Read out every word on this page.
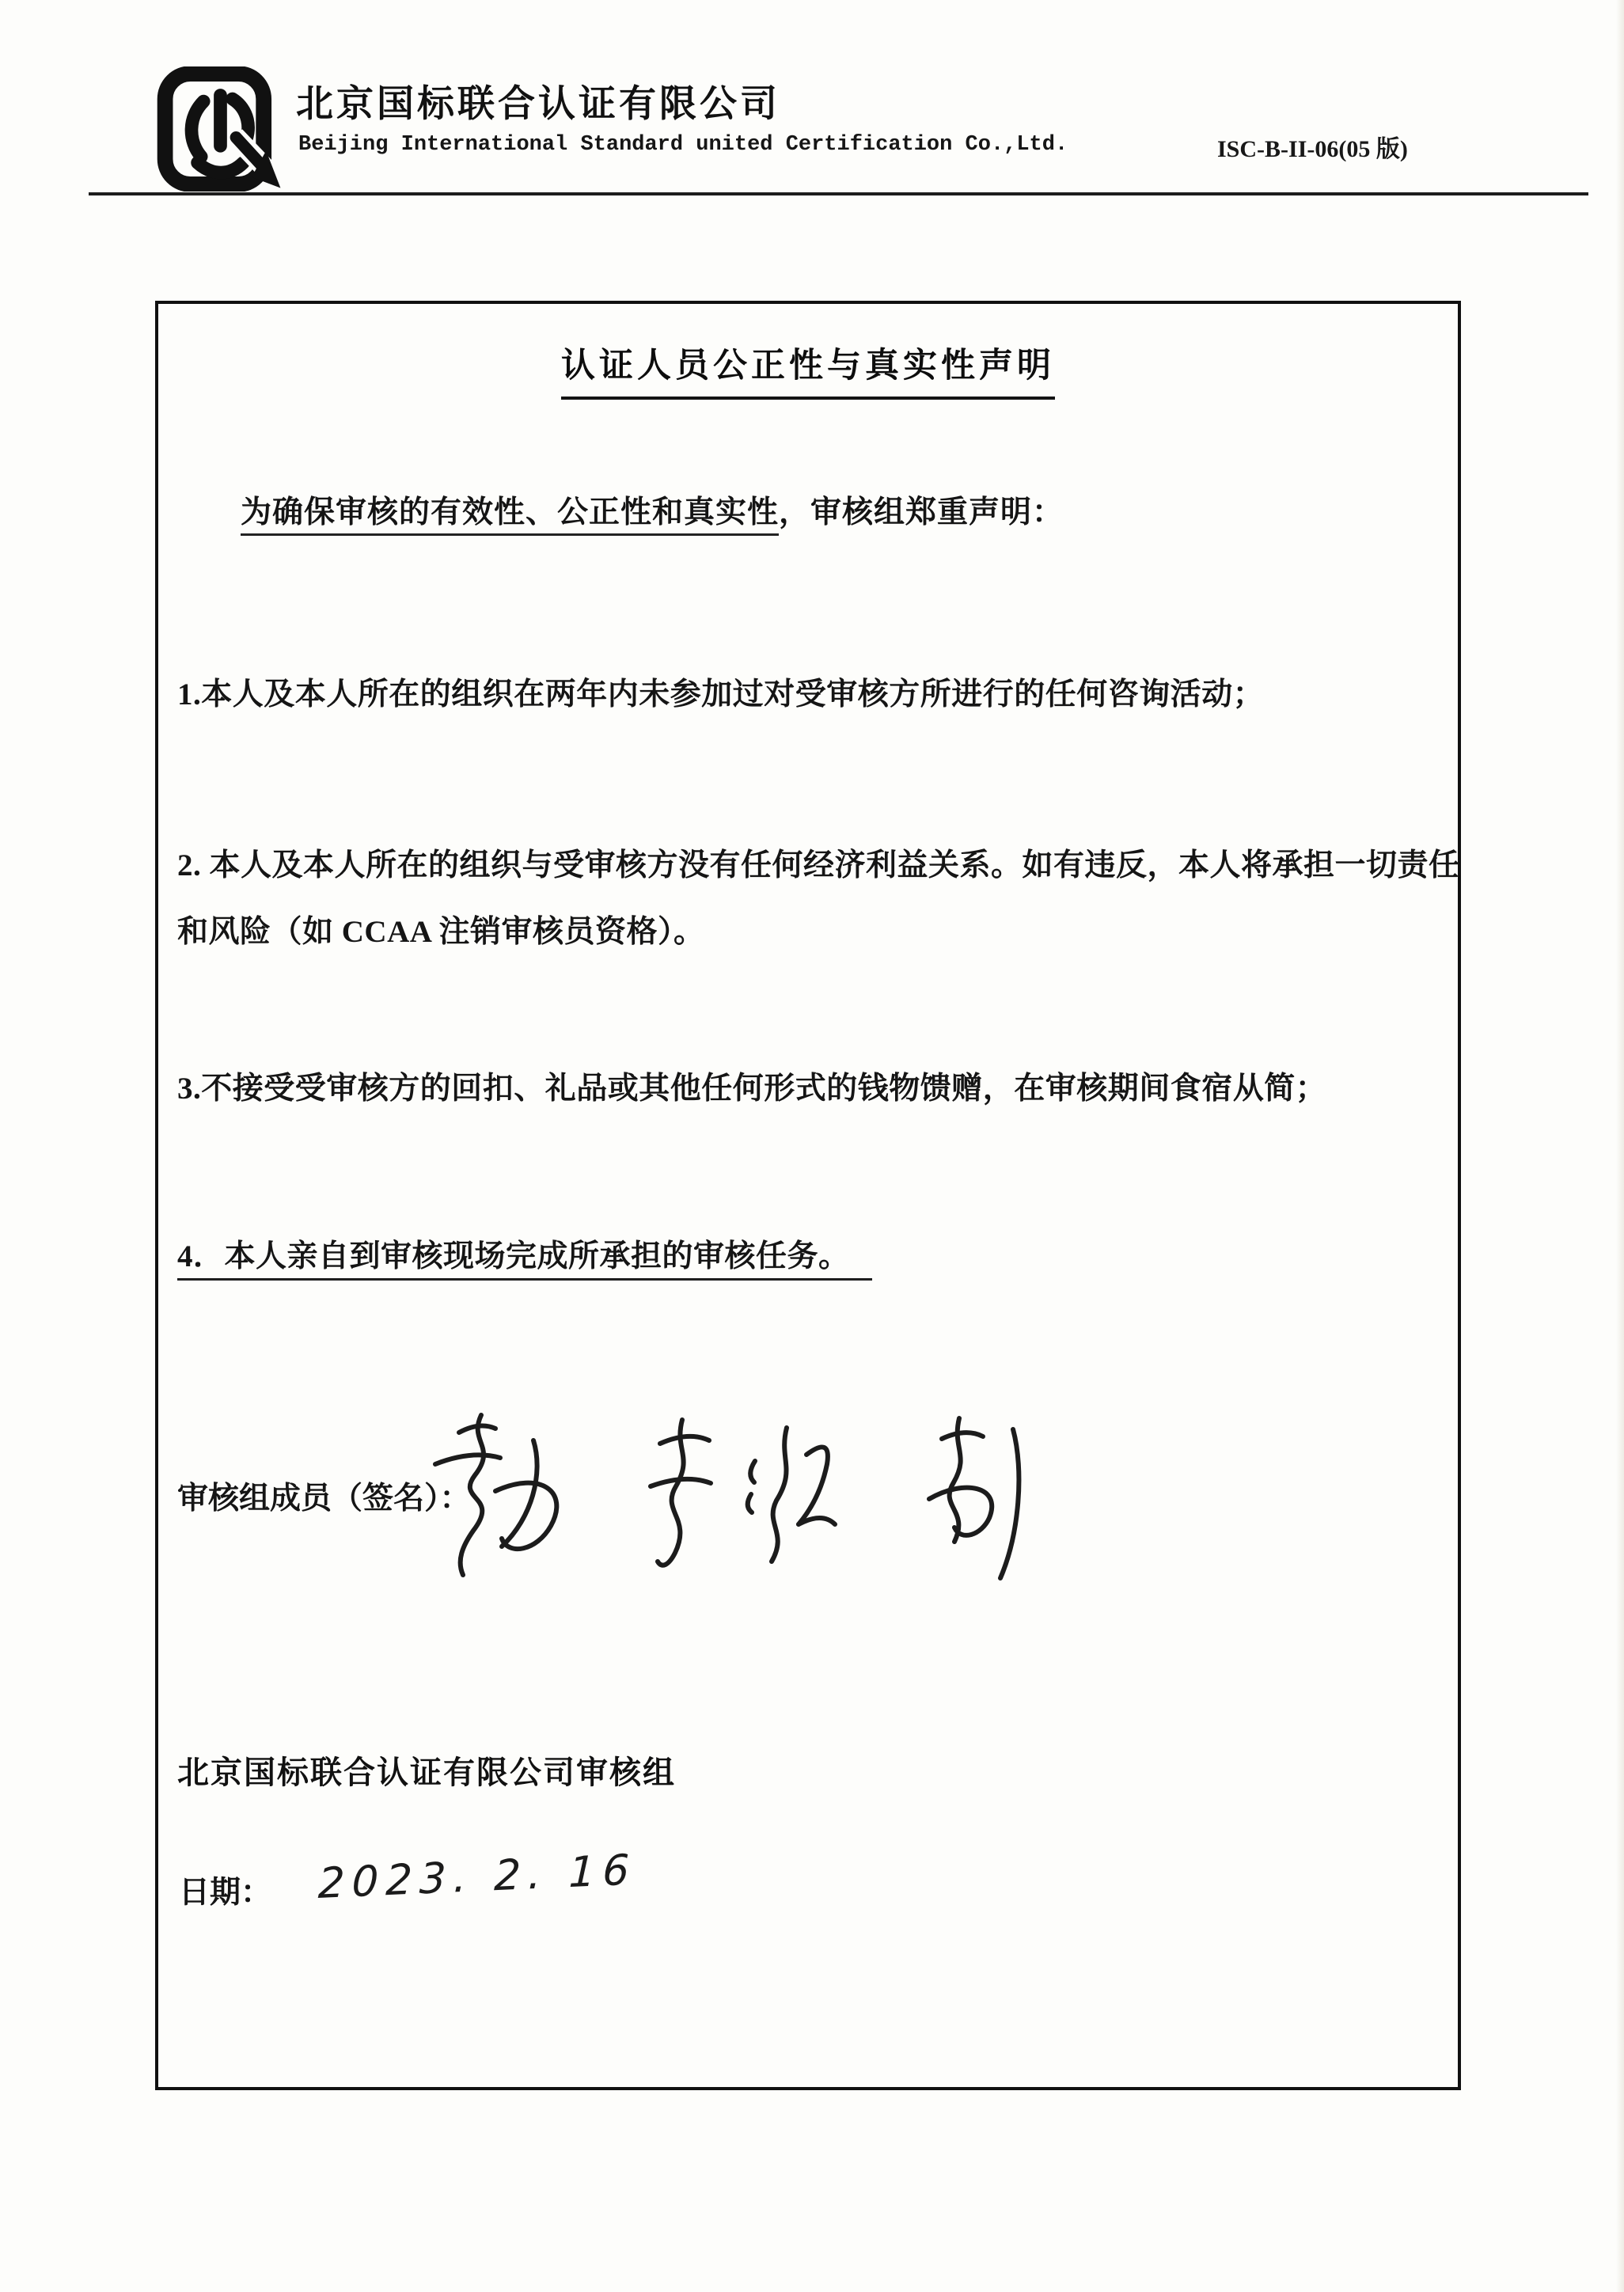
北京国标联合认证有限公司
Beijing International Standard united Certification Co.,Ltd.	ISC-B-II-06(05 版)
认证人员公正性与真实性声明
为确保审核的有效性、公正性和真实性，审核组郑重声明：
1.本人及本人所在的组织在两年内未参加过对受审核方所进行的任何咨询活动；
2. 本人及本人所在的组织与受审核方没有任何经济利益关系。如有违反，本人将承担一切责任和风险（如 CCAA 注销审核员资格）。
3.不接受受审核方的回扣、礼品或其他任何形式的钱物馈赠，在审核期间食宿从简；
4．本人亲自到审核现场完成所承担的审核任务。
审核组成员（签名）：
北京国标联合认证有限公司审核组
日期： 2023. 2. 16
